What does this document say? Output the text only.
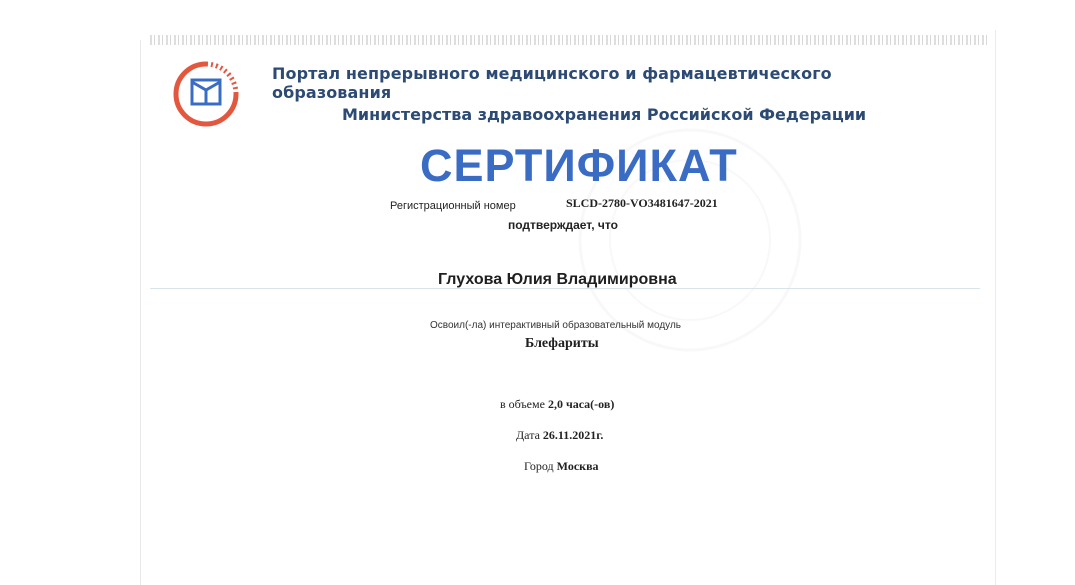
Портал непрерывного медицинского и фармацевтического образования
Министерства здравоохранения Российской Федерации
СЕРТИФИКАТ
Регистрационный номер	SLCD-2780-VO3481647-2021
подтверждает, что
Глухова Юлия Владимировна
Освоил(-ла) интерактивный образовательный модуль
Блефариты
в объеме 2,0 часа(-ов)
Дата 26.11.2021г.
Город Москва
